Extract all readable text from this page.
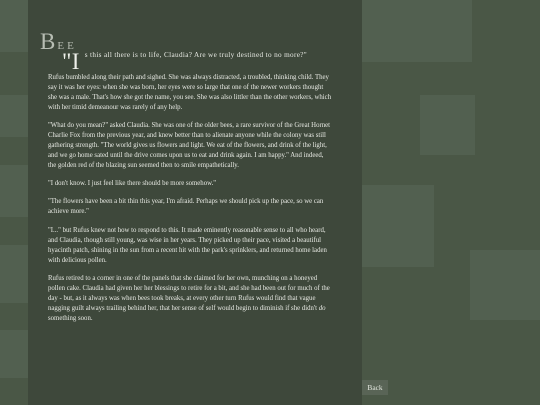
BEE

"Is this all there is to life, Claudia? Are we truly destined to no more?"

Rufus bumbled along their path and sighed. She was always distracted, a troubled, thinking child. They say it was her eyes: when she was born, her eyes were so large that one of the newer workers thought she was a male. That's how she got the name, you see. She was also littler than the other workers, which with her timid demeanour was rarely of any help.

"What do you mean?" asked Claudia. She was one of the older bees, a rare survivor of the Great Hornet Charlie Fox from the previous year, and knew better than to alienate anyone while the colony was still gathering strength. "The world gives us flowers and light. We eat of the flowers, and drink of the light, and we go home sated until the drive comes upon us to eat and drink again. I am happy." And indeed, the golden red of the blazing sun seemed then to smile empathetically.

"I don't know. I just feel like there should be more somehow."

"The flowers have been a bit thin this year, I'm afraid. Perhaps we should pick up the pace, so we can achieve more."

"I..." but Rufus knew not how to respond to this. It made eminently reasonable sense to all who heard, and Claudia, though still young, was wise in her years. They picked up their pace, visited a beautiful hyacinth patch, shining in the sun from a recent hit with the park's sprinklers, and returned home laden with delicious pollen.

Rufus retired to a corner in one of the panels that she claimed for her own, munching on a honeyed pollen cake. Claudia had given her her blessings to retire for a bit, and she had been out for much of the day - but, as it always was when bees took breaks, at every other turn Rufus would find that vague nagging guilt always trailing behind her, that her sense of self would begin to diminish if she didn't do something soon.

Back
